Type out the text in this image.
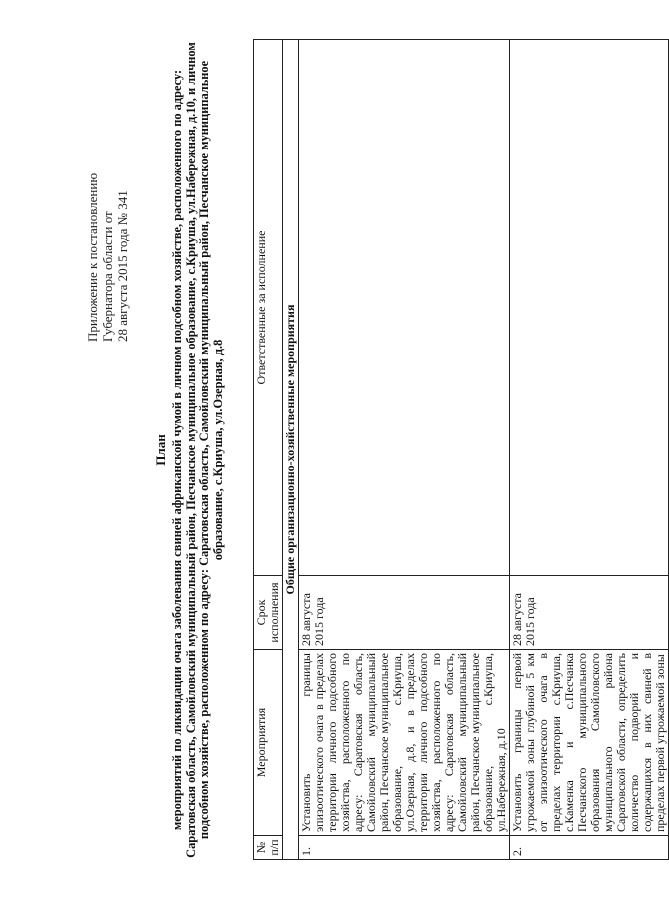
Приложение к постановлению Губернатора области от 28 августа 2015 года № 341
План мероприятий по ликвидации очага заболевания свиней африканской чумой в личном подсобном хозяйстве, расположенного по адресу: Саратовская область, Самойловский муниципальный район, Песчанское муниципальное образование, с.Криуша, ул.Набережная, д.10, и личном подсобном хозяйстве, расположенном по адресу: Саратовская область, Самойловский муниципальный район, Песчанское муниципальное образование, с.Криуша, ул.Озерная, д.8
№ п/п	Мероприятия	Срок исполнения	Ответственные за исполнение
Общие организационно-хозяйственные мероприятия			
1.	Установить границы эпизоотического очага в пределах территории личного подсобного хозяйства, расположенного по адресу: Саратовская область, Самойловский муниципальный район, Песчанское муниципальное образование, с.Криуша, ул.Озерная, д.8, и в пределах территории личного подсобного хозяйства, расположенного по адресу: Саратовская область, Самойловский муниципальный район, Песчанское муниципальное образование, с.Криуша, ул.Набережная, д.10	28 августа 2015 года	
2.	Установить границы первой угрожаемой зоны глубиной 5 км от эпизоотического очага в пределах территории с.Криуша, с.Каменка и с.Песчанка Песчанского муниципального образования Самойловского муниципального района Саратовской области, определить количество подворий и содержащихся в них свиней в пределах первой угрожаемой зоны	28 августа 2015 года	
